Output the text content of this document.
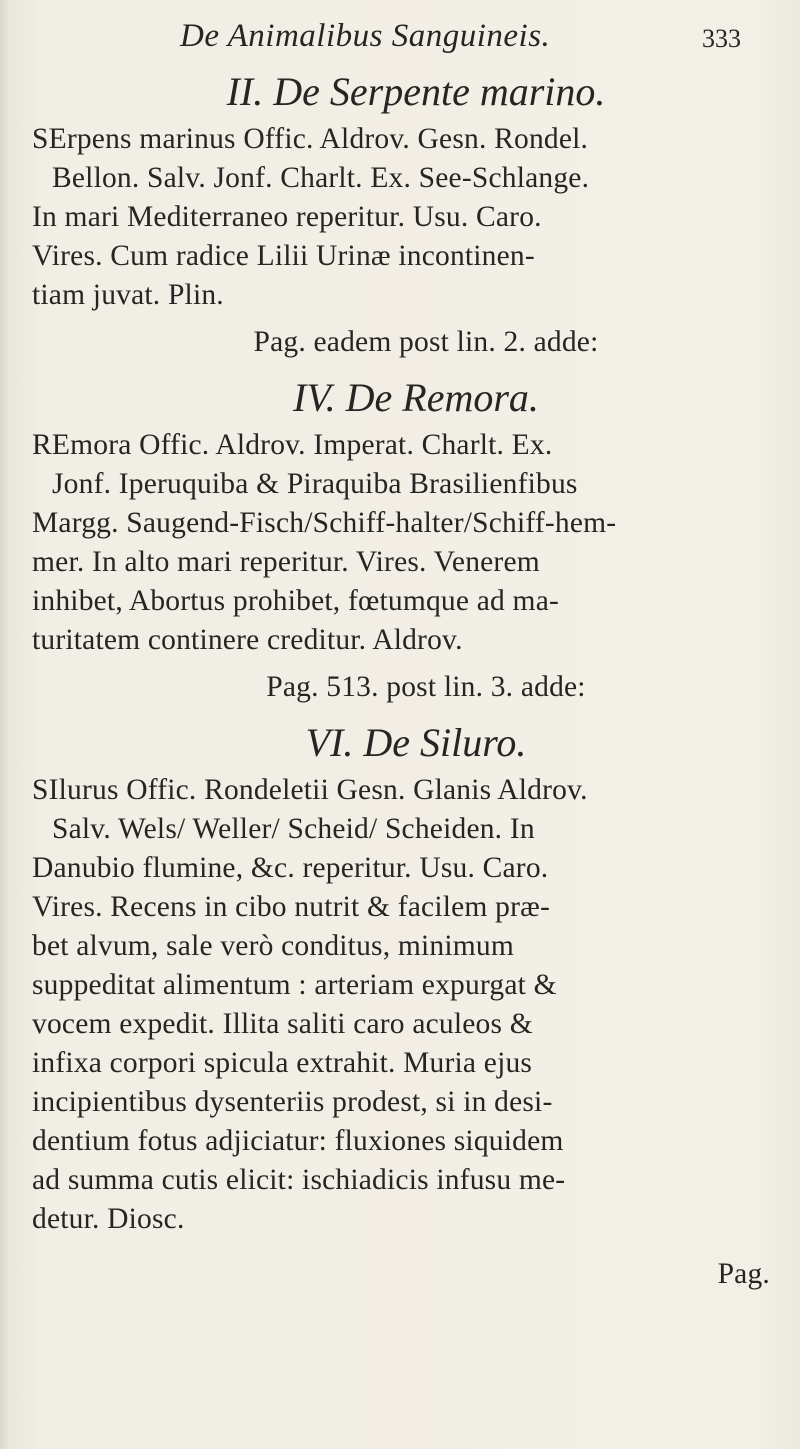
De Animalibus Sanguineis.	333
II. De Serpente marino.
SErpens marinus Offic. Aldrov. Gesn. Rondel.
Bellon. Salv. Jonf. Charlt. Ex. See-Schlange.
In mari Mediterraneo reperitur. Usu. Caro.
Vires. Cum radice Lilii Urinæ incontinen-
tiam juvat. Plin.
Pag. eadem post lin. 2. adde:
IV. De Remora.
REmora Offic. Aldrov. Imperat. Charlt. Ex.
Jonf. Iperuquiba & Piraquiba Brasilienfibus
Margg. Saugend-Fisch/Schiff-halter/Schiff-hem-
mer. In alto mari reperitur. Vires. Venerem
inhibet, Abortus prohibet, fœtumque ad ma-
turitatem continere creditur. Aldrov.
Pag. 513. post lin. 3. adde:
VI. De Siluro.
SIlurus Offic. Rondeletii Gesn. Glanis Aldrov.
Salv. Wels/ Weller/ Scheid/ Scheiden. In
Danubio flumine, &c. reperitur. Usu. Caro.
Vires. Recens in cibo nutrit & facilem præ-
bet alvum, sale verò conditus, minimum
suppeditat alimentum : arteriam expurgat &
vocem expedit. Illita saliti caro aculeos &
infixa corpori spicula extrahit. Muria ejus
incipientibus dysenteriis prodest, si in desi-
dentium fotus adjiciatur: fluxiones siquidem
ad summa cutis elicit: ischiadicis infusu me-
detur. Diosc.
Pag.
